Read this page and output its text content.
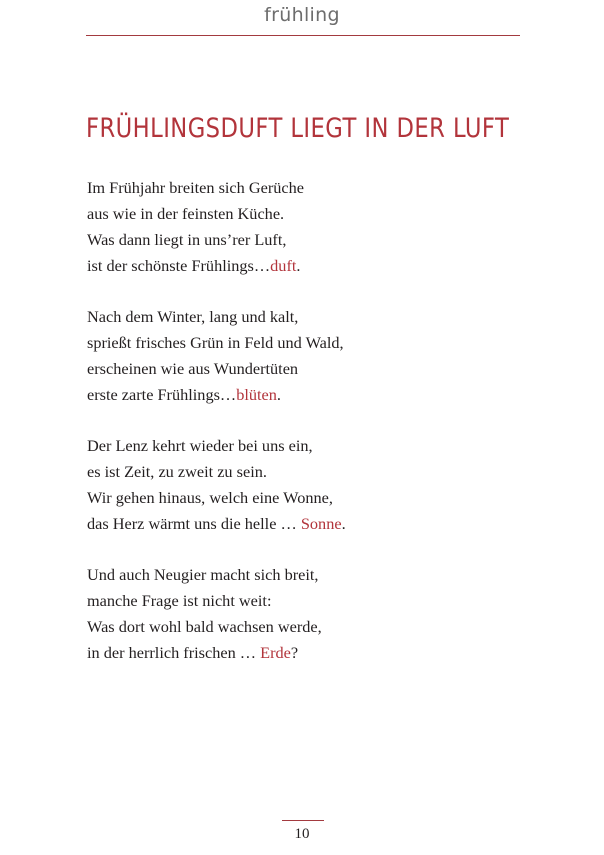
frühling
FRÜHLINGSDUFT LIEGT IN DER LUFT
Im Frühjahr breiten sich Gerüche
aus wie in der feinsten Küche.
Was dann liegt in uns’rer Luft,
ist der schönste Frühlings…duft.
Nach dem Winter, lang und kalt,
sprießt frisches Grün in Feld und Wald,
erscheinen wie aus Wundertüten
erste zarte Frühlings…blüten.
Der Lenz kehrt wieder bei uns ein,
es ist Zeit, zu zweit zu sein.
Wir gehen hinaus, welch eine Wonne,
das Herz wärmt uns die helle … Sonne.
Und auch Neugier macht sich breit,
manche Frage ist nicht weit:
Was dort wohl bald wachsen werde,
in der herrlich frischen … Erde?
10
